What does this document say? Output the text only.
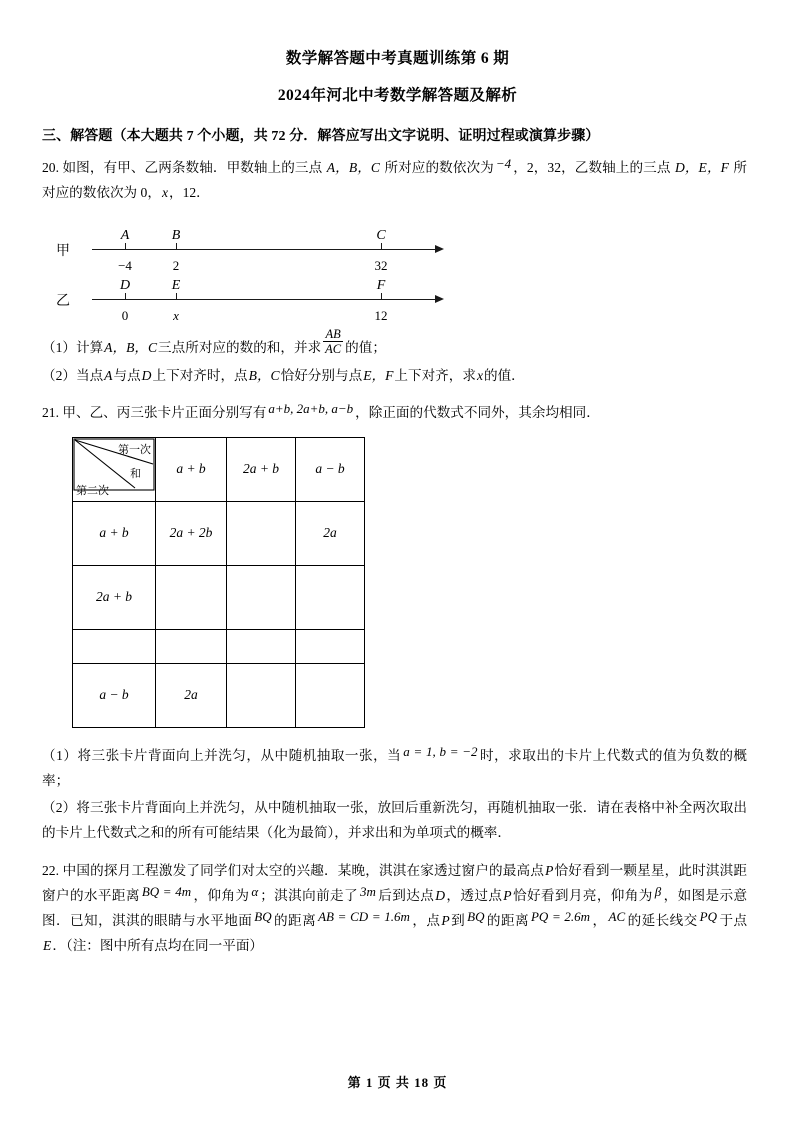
数学解答题中考真题训练第 6 期
2024年河北中考数学解答题及解析
三、解答题（本大题共 7 个小题，共 72 分．解答应写出文字说明、证明过程或演算步骤）
20. 如图，有甲、乙两条数轴．甲数轴上的三点 A，B，C 所对应的数依次为 −4 ，2，32，乙数轴上的三点 D，E，F 所对应的数依次为 0，x，12．
甲
A
−4
B
2
C
32
乙
D
0
E
x
F
12
（1）计算A，B，C三点所对应的数的和，并求 $\frac{AB}{AC}$ 的值；
（2）当点A与点D上下对齐时，点B，C恰好分别与点E，F上下对齐，求x的值．
21. 甲、乙、丙三张卡片正面分别写有 a+b, 2a+b, a−b ，除正面的代数式不同外，其余均相同．
第一次
和
第二次	a + b	2a + b	a − b
a + b	2a + 2b		2a
2a + b			

a − b	2a		
（1）将三张卡片背面向上并洗匀，从中随机抽取一张，当 a = 1, b = −2 时，求取出的卡片上代数式的值为负数的概率；
（2）将三张卡片背面向上并洗匀，从中随机抽取一张，放回后重新洗匀，再随机抽取一张．请在表格中补全两次取出的卡片上代数式之和的所有可能结果（化为最简），并求出和为单项式的概率．
22. 中国的探月工程激发了同学们对太空的兴趣．某晚，淇淇在家透过窗户的最高点P恰好看到一颗星星，此时淇淇距窗户的水平距离 BQ = 4m ，仰角为 α ；淇淇向前走了 3m 后到达点D，透过点P恰好看到月亮，仰角为 β ，如图是示意图．已知，淇淇的眼睛与水平地面 BQ 的距离 AB = CD = 1.6m ，点P到 BQ 的距离 PQ = 2.6m ， AC 的延长线交 PQ 于点E．（注：图中所有点均在同一平面）
第 1 页 共 18 页
